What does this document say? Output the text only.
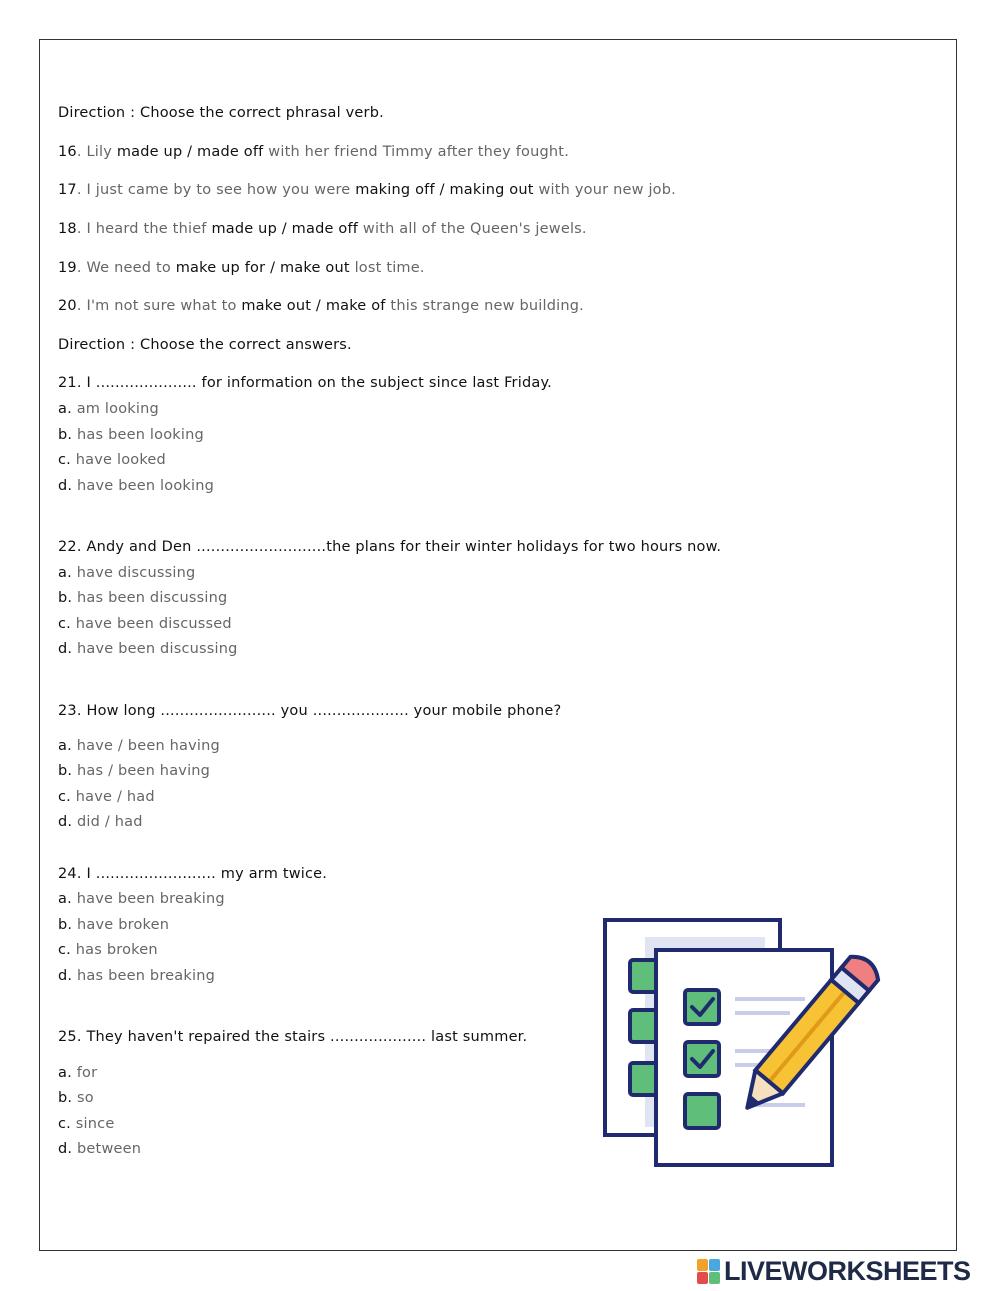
Direction : Choose the correct phrasal verb.
16. Lily made up / made off with her friend Timmy after they fought.
17. I just came by to see how you were making off / making out with your new job.
18. I heard the thief made up / made off with all of the Queen's jewels.
19. We need to make up for / make out lost time.
20. I'm not sure what to make out / make of this strange new building.
Direction : Choose the correct answers.
21. I ..................... for information on the subject since last Friday.
a. am looking
b. has been looking
c. have looked
d. have been looking
22. Andy and Den ...........................the plans for their winter holidays for two hours now.
a. have discussing
b. has been discussing
c. have been discussed
d. have been discussing
23. How long ........................ you .................... your mobile phone?
a. have / been having
b. has / been having
c. have / had
d. did / had
24. I ......................... my arm twice.
a. have been breaking
b. have broken
c. has broken
d. has been breaking
25. They haven't repaired the stairs .................... last summer.
a. for
b. so
c. since
d. between
LIVEWORKSHEETS
